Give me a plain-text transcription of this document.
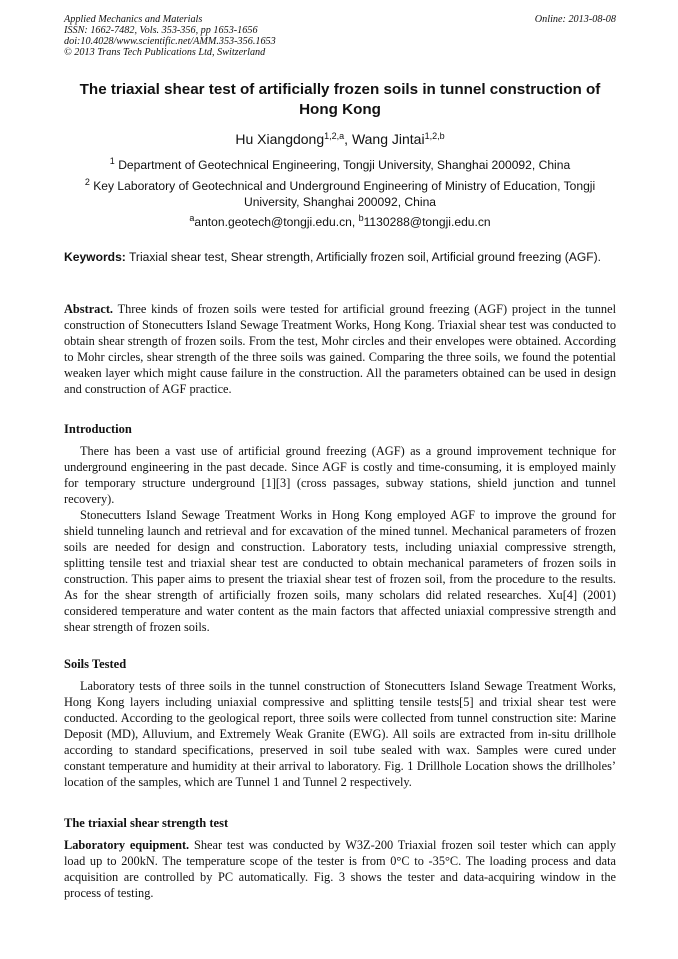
Applied Mechanics and Materials
ISSN: 1662-7482, Vols. 353-356, pp 1653-1656
doi:10.4028/www.scientific.net/AMM.353-356.1653
© 2013 Trans Tech Publications Ltd, Switzerland
Online: 2013-08-08
The triaxial shear test of artificially frozen soils in tunnel construction of Hong Kong
Hu Xiangdong$^{1,2,a}$, Wang Jintai$^{1,2,b}$
$^1$ Department of Geotechnical Engineering, Tongji University, Shanghai 200092, China
$^2$ Key Laboratory of Geotechnical and Underground Engineering of Ministry of Education, Tongji University, Shanghai 200092, China
$^a$anton.geotech@tongji.edu.cn, $^b$1130288@tongji.edu.cn
Keywords: Triaxial shear test, Shear strength, Artificially frozen soil, Artificial ground freezing (AGF).

Abstract. Three kinds of frozen soils were tested for artificial ground freezing (AGF) project in the tunnel construction of Stonecutters Island Sewage Treatment Works, Hong Kong. Triaxial shear test was conducted to obtain shear strength of frozen soils. From the test, Mohr circles and their envelopes were obtained. According to Mohr circles, shear strength of the three soils was gained. Comparing the three soils, we found the potential weaken layer which might cause failure in the construction. All the parameters obtained can be used in design and construction of AGF practice.

Introduction

There has been a vast use of artificial ground freezing (AGF) as a ground improvement technique for underground engineering in the past decade. Since AGF is costly and time-consuming, it is employed mainly for temporary structure underground [1][3] (cross passages, subway stations, shield junction and tunnel recovery).

Stonecutters Island Sewage Treatment Works in Hong Kong employed AGF to improve the ground for shield tunneling launch and retrieval and for excavation of the mined tunnel. Mechanical parameters of frozen soils are needed for design and construction. Laboratory tests, including uniaxial compressive strength, splitting tensile test and triaxial shear test are conducted to obtain mechanical parameters of frozen soils in construction. This paper aims to present the triaxial shear test of frozen soil, from the procedure to the results. As for the shear strength of artificially frozen soils, many scholars did related researches. Xu[4] (2001) considered temperature and water content as the main factors that affected uniaxial compressive strength and shear strength of frozen soils.

Soils Tested

Laboratory tests of three soils in the tunnel construction of Stonecutters Island Sewage Treatment Works, Hong Kong layers including uniaxial compressive and splitting tensile tests[5] and trixial shear test were conducted. According to the geological report, three soils were collected from tunnel construction site: Marine Deposit (MD), Alluvium, and Extremely Weak Granite (EWG). All soils are extracted from in-situ drillhole according to standard specifications, preserved in soil tube sealed with wax. Samples were cured under constant temperature and humidity at their arrival to laboratory. Fig. 1 Drillhole Location shows the drillholes’ location of the samples, which are Tunnel 1 and Tunnel 2 respectively.

The triaxial shear strength test

Laboratory equipment. Shear test was conducted by W3Z-200 Triaxial frozen soil tester which can apply load up to 200kN. The temperature scope of the tester is from 0°C to -35°C. The loading process and data acquisition are controlled by PC automatically. Fig. 3 shows the tester and data-acquiring window in the process of testing.
